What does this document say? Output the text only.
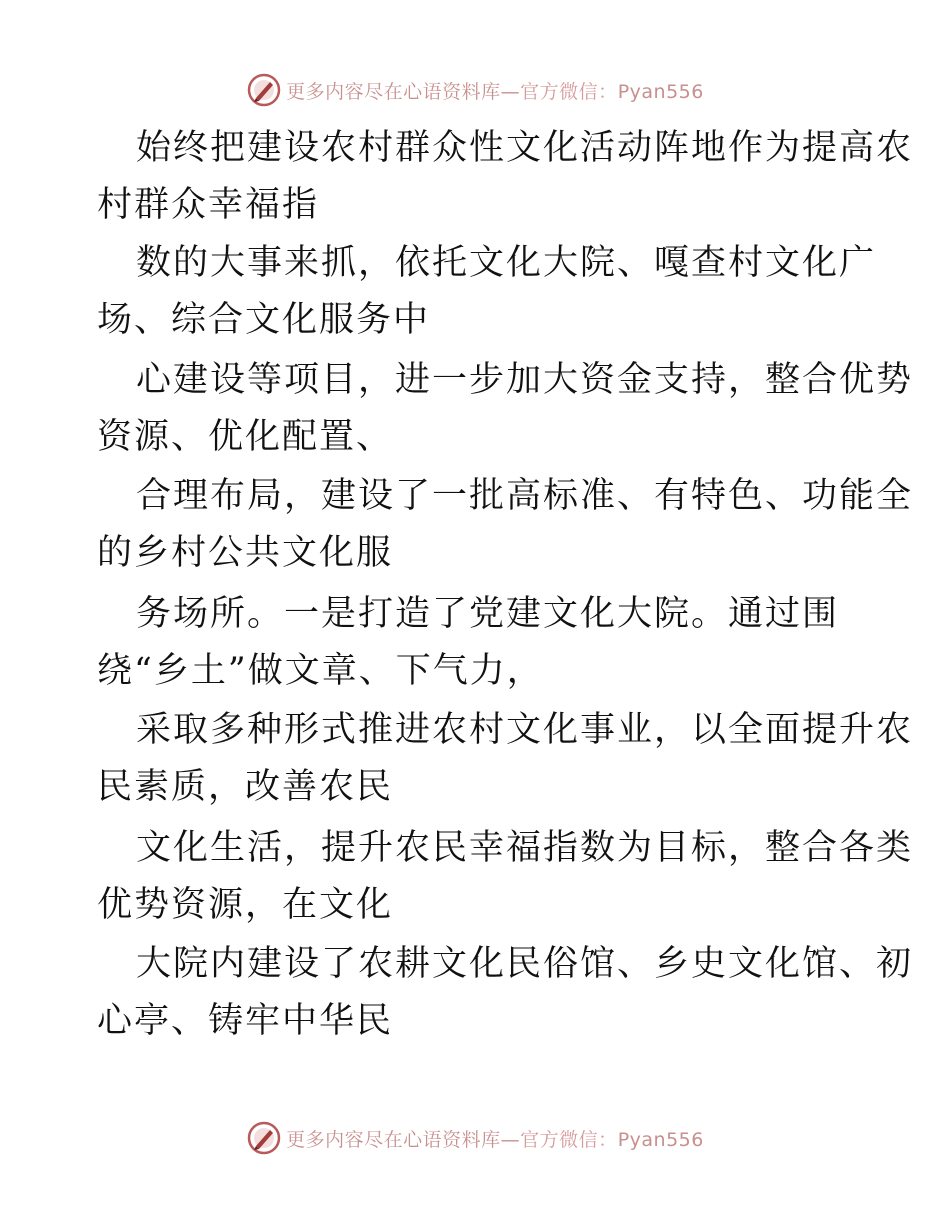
更多内容尽在心语资料库—官方微信：Pyan556
始终把建设农村群众性文化活动阵地作为提高农
村群众幸福指
数的大事来抓，依托文化大院、嘎查村文化广
场、综合文化服务中
心建设等项目，进一步加大资金支持，整合优势
资源、优化配置、
合理布局，建设了一批高标准、有特色、功能全
的乡村公共文化服
务场所。一是打造了党建文化大院。通过围
绕“乡土”做文章、下气力，
采取多种形式推进农村文化事业，以全面提升农
民素质，改善农民
文化生活，提升农民幸福指数为目标，整合各类
优势资源，在文化
大院内建设了农耕文化民俗馆、乡史文化馆、初
心亭、铸牢中华民
更多内容尽在心语资料库—官方微信：Pyan556
